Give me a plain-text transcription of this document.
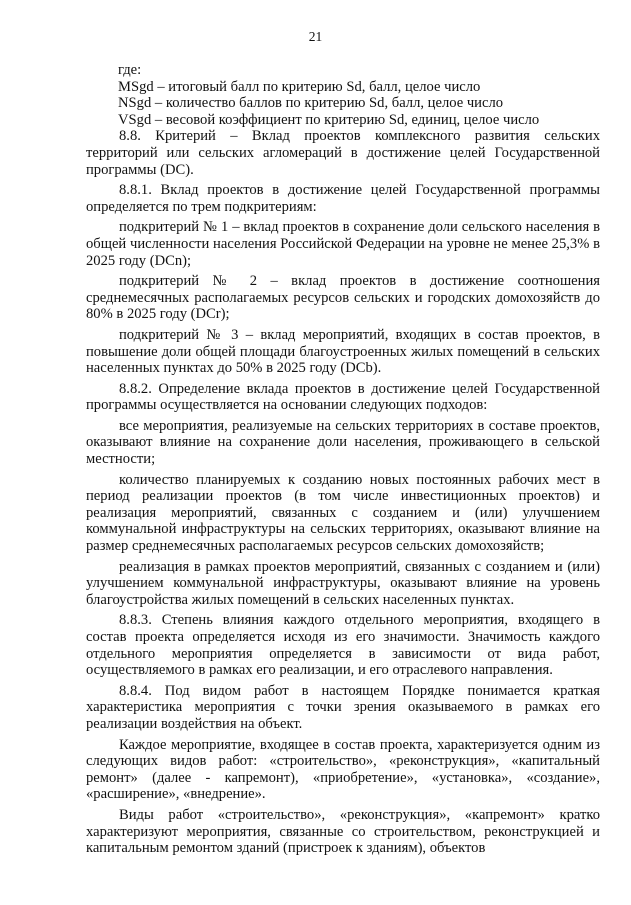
21

где:

MSgd – итоговый балл по критерию Sd, балл, целое число

NSgd – количество баллов по критерию Sd, балл, целое число

VSgd – весовой коэффициент по критерию Sd, единиц, целое число

8.8. Критерий – Вклад проектов комплексного развития сельских территорий или сельских агломераций в достижение целей Государственной программы (DC).

8.8.1. Вклад проектов в достижение целей Государственной программы определяется по трем подкритериям:

подкритерий № 1 – вклад проектов в сохранение доли сельского населения в общей численности населения Российской Федерации на уровне не менее 25,3% в 2025 году (DCn);

подкритерий № 2 – вклад проектов в достижение соотношения среднемесячных располагаемых ресурсов сельских и городских домохозяйств до 80% в 2025 году (DCr);

подкритерий № 3 – вклад мероприятий, входящих в состав проектов, в повышение доли общей площади благоустроенных жилых помещений в сельских населенных пунктах до 50% в 2025 году (DCb).

8.8.2. Определение вклада проектов в достижение целей Государственной программы осуществляется на основании следующих подходов:

все мероприятия, реализуемые на сельских территориях в составе проектов, оказывают влияние на сохранение доли населения, проживающего в сельской местности;

количество планируемых к созданию новых постоянных рабочих мест в период реализации проектов (в том числе инвестиционных проектов) и реализация мероприятий, связанных с созданием и (или) улучшением коммунальной инфраструктуры на сельских территориях, оказывают влияние на размер среднемесячных располагаемых ресурсов сельских домохозяйств;

реализация в рамках проектов мероприятий, связанных с созданием и (или) улучшением коммунальной инфраструктуры, оказывают влияние на уровень благоустройства жилых помещений в сельских населенных пунктах.

8.8.3. Степень влияния каждого отдельного мероприятия, входящего в состав проекта определяется исходя из его значимости. Значимость каждого отдельного мероприятия определяется в зависимости от вида работ, осуществляемого в рамках его реализации, и его отраслевого направления.

8.8.4. Под видом работ в настоящем Порядке понимается краткая характеристика мероприятия с точки зрения оказываемого в рамках его реализации воздействия на объект.

Каждое мероприятие, входящее в состав проекта, характеризуется одним из следующих видов работ: «строительство», «реконструкция», «капитальный ремонт» (далее - капремонт), «приобретение», «установка», «создание», «расширение», «внедрение».

Виды работ «строительство», «реконструкция», «капремонт» кратко характеризуют мероприятия, связанные со строительством, реконструкцией и капитальным ремонтом зданий (пристроек к зданиям), объектов
